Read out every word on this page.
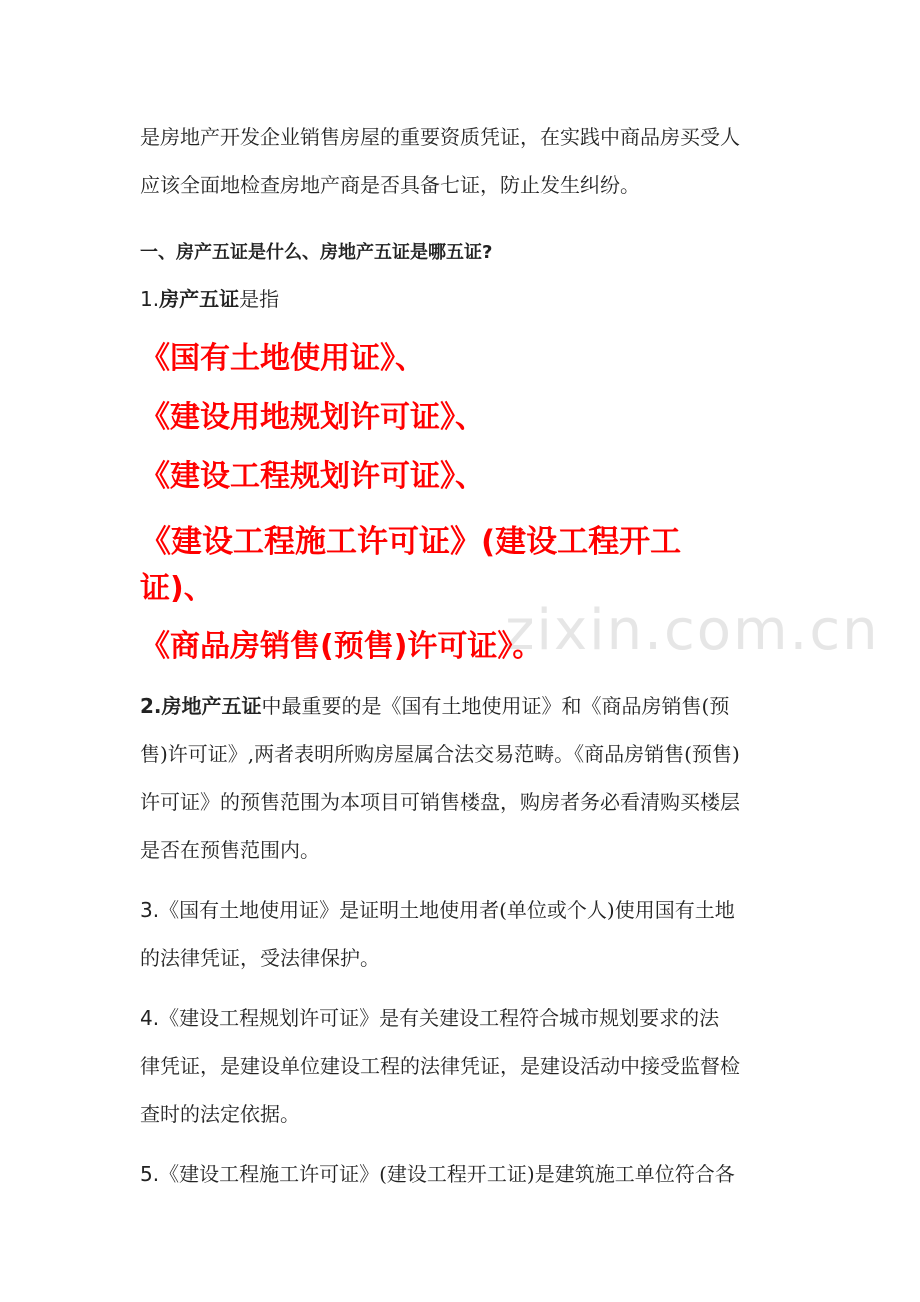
zixin.com.cn
是房地产开发企业销售房屋的重要资质凭证，在实践中商品房买受人
应该全面地检查房地产商是否具备七证，防止发生纠纷。
一、房产五证是什么、房地产五证是哪五证?
1.房产五证是指
《国有土地使用证》、
《建设用地规划许可证》、
《建设工程规划许可证》、
《建设工程施工许可证》(建设工程开工
证)、
《商品房销售(预售)许可证》。
2.房地产五证中最重要的是《国有土地使用证》和《商品房销售(预
售)许可证》,两者表明所购房屋属合法交易范畴。《商品房销售(预售)
许可证》的预售范围为本项目可销售楼盘，购房者务必看清购买楼层
是否在预售范围内。
3.《国有土地使用证》是证明土地使用者(单位或个人)使用国有土地
的法律凭证，受法律保护。
4.《建设工程规划许可证》是有关建设工程符合城市规划要求的法
律凭证，是建设单位建设工程的法律凭证，是建设活动中接受监督检
查时的法定依据。
5.《建设工程施工许可证》(建设工程开工证)是建筑施工单位符合各
